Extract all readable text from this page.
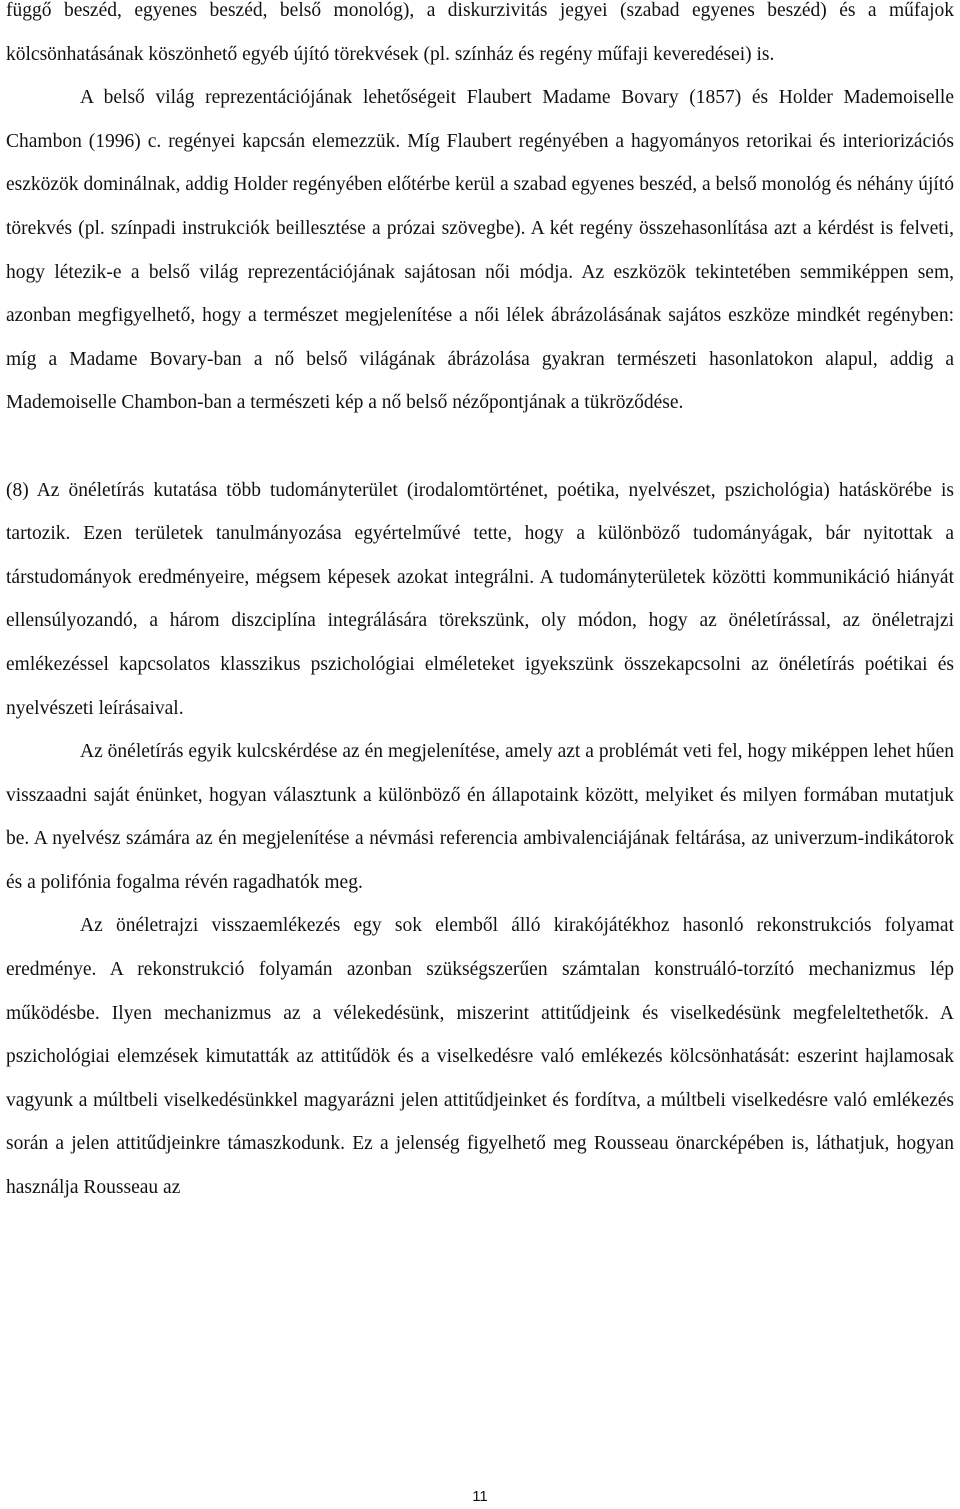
függő beszéd, egyenes beszéd, belső monológ), a diskurzivitás jegyei (szabad egyenes beszéd) és a műfajok kölcsönhatásának köszönhető egyéb újító törekvések (pl. színház és regény műfaji keveredései) is.

A belső világ reprezentációjának lehetőségeit Flaubert Madame Bovary (1857) és Holder Mademoiselle Chambon (1996) c. regényei kapcsán elemezzük. Míg Flaubert regényében a hagyományos retorikai és interiorizációs eszközök dominálnak, addig Holder regényében előtérbe kerül a szabad egyenes beszéd, a belső monológ és néhány újító törekvés (pl. színpadi instrukciók beillesztése a prózai szövegbe). A két regény összehasonlítása azt a kérdést is felveti, hogy létezik-e a belső világ reprezentációjának sajátosan női módja. Az eszközök tekintetében semmiképpen sem, azonban megfigyelhető, hogy a természet megjelenítése a női lélek ábrázolásának sajátos eszköze mindkét regényben: míg a Madame Bovary-ban a nő belső világának ábrázolása gyakran természeti hasonlatokon alapul, addig a Mademoiselle Chambon-ban a természeti kép a nő belső nézőpontjának a tükröződése.

(8) Az önéletírás kutatása több tudományterület (irodalomtörténet, poétika, nyelvészet, pszichológia) hatáskörébe is tartozik. Ezen területek tanulmányozása egyértelművé tette, hogy a különböző tudományágak, bár nyitottak a társtudományok eredményeire, mégsem képesek azokat integrálni. A tudományterületek közötti kommunikáció hiányát ellensúlyozandó, a három diszciplína integrálására törekszünk, oly módon, hogy az önéletírással, az önéletrajzi emlékezéssel kapcsolatos klasszikus pszichológiai elméleteket igyekszünk összekapcsolni az önéletírás poétikai és nyelvészeti leírásaival.

Az önéletírás egyik kulcskérdése az én megjelenítése, amely azt a problémát veti fel, hogy miképpen lehet hűen visszaadni saját énünket, hogyan választunk a különböző én állapotaink között, melyiket és milyen formában mutatjuk be. A nyelvész számára az én megjelenítése a névmási referencia ambivalenciájának feltárása, az univerzum-indikátorok és a polifónia fogalma révén ragadhatók meg.

Az önéletrajzi visszaemlékezés egy sok elemből álló kirakójátékhoz hasonló rekonstrukciós folyamat eredménye. A rekonstrukció folyamán azonban szükségszerűen számtalan konstruáló-torzító mechanizmus lép működésbe. Ilyen mechanizmus az a vélekedésünk, miszerint attitűdjeink és viselkedésünk megfeleltethetők. A pszichológiai elemzések kimutatták az attitűdök és a viselkedésre való emlékezés kölcsönhatását: eszerint hajlamosak vagyunk a múltbeli viselkedésünkkel magyarázni jelen attitűdjeinket és fordítva, a múltbeli viselkedésre való emlékezés során a jelen attitűdjeinkre támaszkodunk. Ez a jelenség figyelhető meg Rousseau önarcképében is, láthatjuk, hogyan használja Rousseau az

11
